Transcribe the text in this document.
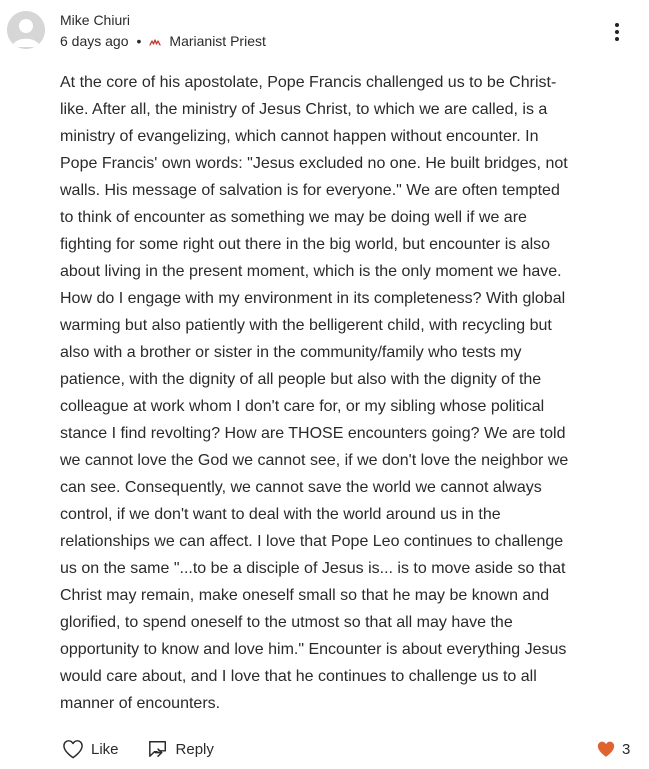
Mike Chiuri
6 days ago • Marianist Priest

At the core of his apostolate, Pope Francis challenged us to be Christ-
like. After all, the ministry of Jesus Christ, to which we are called, is a
ministry of evangelizing, which cannot happen without encounter. In
Pope Francis' own words: "Jesus excluded no one. He built bridges, not
walls. His message of salvation is for everyone." We are often tempted
to think of encounter as something we may be doing well if we are
fighting for some right out there in the big world, but encounter is also
about living in the present moment, which is the only moment we have.
How do I engage with my environment in its completeness? With global
warming but also patiently with the belligerent child, with recycling but
also with a brother or sister in the community/family who tests my
patience, with the dignity of all people but also with the dignity of the
colleague at work whom I don't care for, or my sibling whose political
stance I find revolting? How are THOSE encounters going? We are told
we cannot love the God we cannot see, if we don't love the neighbor we
can see. Consequently, we cannot save the world we cannot always
control, if we don't want to deal with the world around us in the
relationships we can affect. I love that Pope Leo continues to challenge
us on the same "...to be a disciple of Jesus is... is to move aside so that
Christ may remain, make oneself small so that he may be known and
glorified, to spend oneself to the utmost so that all may have the
opportunity to know and love him." Encounter is about everything Jesus
would care about, and I love that he continues to challenge us to all
manner of encounters.

Like	Reply	3
